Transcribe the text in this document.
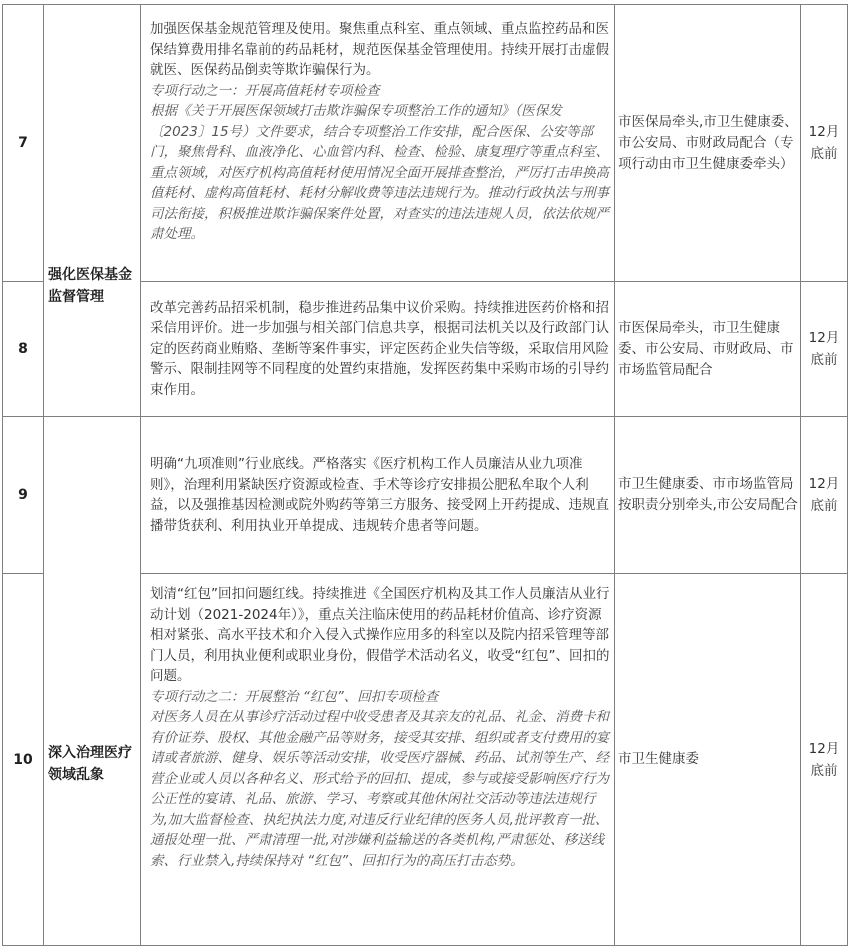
7	强化医保基金监督管理	加强医保基金规范管理及使用。聚焦重点科室、重点领域、重点监控药品和医保结算费用排名靠前的药品耗材，规范医保基金管理使用。持续开展打击虚假就医、医保药品倒卖等欺诈骗保行为。
专项行动之一：开展高值耗材专项检查
根据《关于开展医保领域打击欺诈骗保专项整治工作的通知》（医保发〔2023〕15号）文件要求，结合专项整治工作安排，配合医保、公安等部门，聚焦骨科、血液净化、心血管内科、检查、检验、康复理疗等重点科室、重点领域，对医疗机构高值耗材使用情况全面开展排查整治，严厉打击串换高值耗材、虚构高值耗材、耗材分解收费等违法违规行为。推动行政执法与刑事司法衔接，积极推进欺诈骗保案件处置，对查实的违法违规人员，依法依规严肃处理。	市医保局牵头,市卫生健康委、市公安局、市财政局配合（专项行动由市卫生健康委牵头）	12月底前
8		改革完善药品招采机制，稳步推进药品集中议价采购。持续推进医药价格和招采信用评价。进一步加强与相关部门信息共享，根据司法机关以及行政部门认定的医药商业贿赂、垄断等案件事实，评定医药企业失信等级，采取信用风险警示、限制挂网等不同程度的处置约束措施，发挥医药集中采购市场的引导约束作用。	市医保局牵头，市卫生健康委、市公安局、市财政局、市市场监管局配合	12月底前
9	深入治理医疗领域乱象	明确“九项准则”行业底线。严格落实《医疗机构工作人员廉洁从业九项准则》，治理利用紧缺医疗资源或检查、手术等诊疗安排损公肥私牟取个人利益，以及强推基因检测或院外购药等第三方服务、接受网上开药提成、违规直播带货获利、利用执业开单提成、违规转介患者等问题。	市卫生健康委、市市场监管局按职责分别牵头,市公安局配合	12月底前
10		划清“红包”回扣问题红线。持续推进《全国医疗机构及其工作人员廉洁从业行动计划（2021-2024年）》，重点关注临床使用的药品耗材价值高、诊疗资源相对紧张、高水平技术和介入侵入式操作应用多的科室以及院内招采管理等部门人员，利用执业便利或职业身份，假借学术活动名义，收受“红包”、回扣的问题。
专项行动之二：开展整治 “红包”、回扣专项检查
对医务人员在从事诊疗活动过程中收受患者及其亲友的礼品、礼金、消费卡和有价证券、股权、其他金融产品等财务，接受其安排、组织或者支付费用的宴请或者旅游、健身、娱乐等活动安排，收受医疗器械、药品、试剂等生产、经营企业或人员以各种名义、形式给予的回扣、提成，参与或接受影响医疗行为公正性的宴请、礼品、旅游、学习、考察或其他休闲社交活动等违法违规行为,加大监督检查、执纪执法力度,对违反行业纪律的医务人员,批评教育一批、通报处理一批、严肃清理一批,对涉嫌利益输送的各类机构,严肃惩处、移送线索、行业禁入,持续保持对 “红包”、回扣行为的高压打击态势。	市卫生健康委	12月底前
